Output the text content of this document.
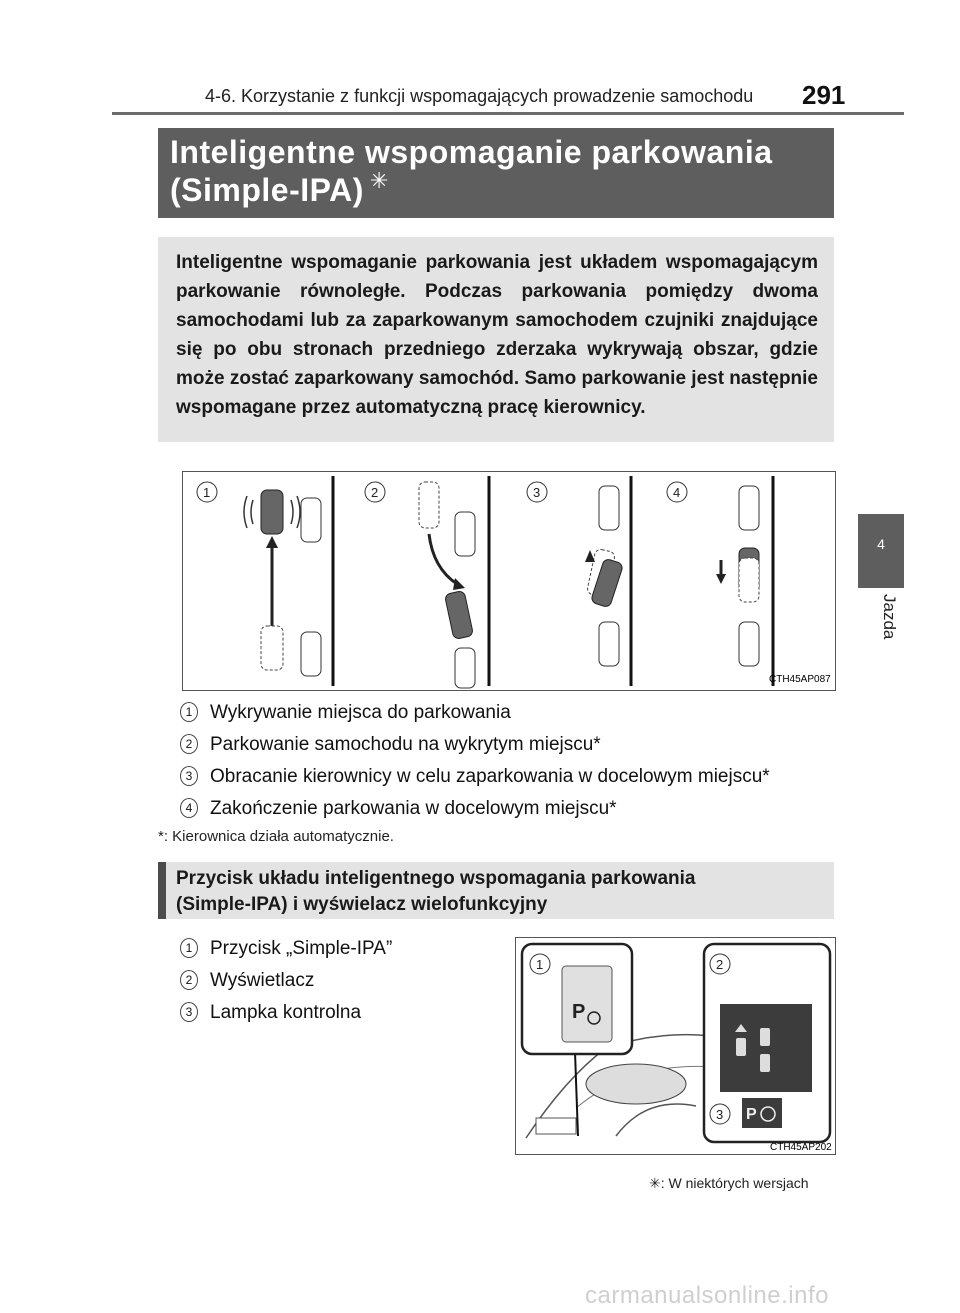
4-6. Korzystanie z funkcji wspomagających prowadzenie samochodu 291
4
Jazda
Inteligentne wspomaganie parkowania
(Simple-IPA) ✳
Inteligentne wspomaganie parkowania jest układem wspomagającym parkowanie równoległe. Podczas parkowania pomiędzy dwoma samochodami lub za zaparkowanym samochodem czujniki znajdujące się po obu stronach przedniego zderzaka wykrywają obszar, gdzie może zostać zaparkowany samochód. Samo parkowanie jest następnie wspomagane przez automatyczną pracę kierownicy.
1	2	3	4
CTH45AP087
1 Wykrywanie miejsca do parkowania
2 Parkowanie samochodu na wykrytym miejscu*
3 Obracanie kierownicy w celu zaparkowania w docelowym miejscu*
4 Zakończenie parkowania w docelowym miejscu*
*: Kierownica działa automatycznie.
Przycisk układu inteligentnego wspomagania parkowania
(Simple-IPA) i wyświelacz wielofunkcyjny
1 Przycisk „Simple-IPA”
2 Wyświetlacz
3 Lampka kontrolna	P
1	2
3 P
CTH45AP202
✳: W niektórych wersjach
carmanualsonline.info
